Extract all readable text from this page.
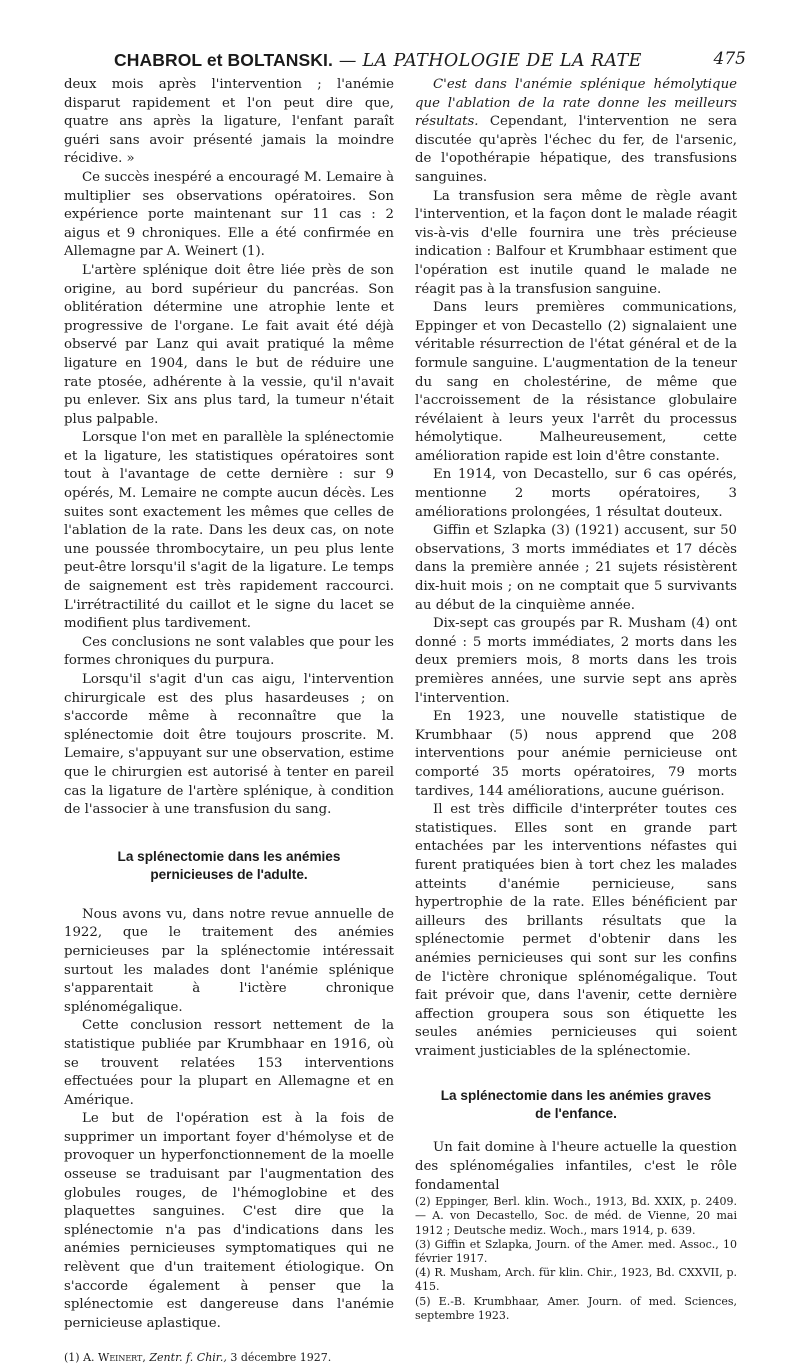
CHABROL et BOLTANSKI. — LA PATHOLOGIE DE LA RATE	475

deux mois après l'intervention ; l'anémie disparut rapidement et l'on peut dire que, quatre ans après la ligature, l'enfant paraît guéri sans avoir présenté jamais la moindre récidive. »

Ce succès inespéré a encouragé M. Lemaire à multiplier ses observations opératoires. Son expérience porte maintenant sur 11 cas : 2 aigus et 9 chroniques. Elle a été confirmée en Allemagne par A. Weinert (1).

L'artère splénique doit être liée près de son origine, au bord supérieur du pancréas. Son oblitération détermine une atrophie lente et progressive de l'organe. Le fait avait été déjà observé par Lanz qui avait pratiqué la même ligature en 1904, dans le but de réduire une rate ptosée, adhérente à la vessie, qu'il n'avait pu enlever. Six ans plus tard, la tumeur n'était plus palpable.

Lorsque l'on met en parallèle la splénectomie et la ligature, les statistiques opératoires sont tout à l'avantage de cette dernière : sur 9 opérés, M. Lemaire ne compte aucun décès. Les suites sont exactement les mêmes que celles de l'ablation de la rate. Dans les deux cas, on note une poussée thrombocytaire, un peu plus lente peut-être lorsqu'il s'agit de la ligature. Le temps de saignement est très rapidement raccourci. L'irrétractilité du caillot et le signe du lacet se modifient plus tardivement.

Ces conclusions ne sont valables que pour les formes chroniques du purpura.

Lorsqu'il s'agit d'un cas aigu, l'intervention chirurgicale est des plus hasardeuses ; on s'accorde même à reconnaître que la splénectomie doit être toujours proscrite. M. Lemaire, s'appuyant sur une observation, estime que le chirurgien est autorisé à tenter en pareil cas la ligature de l'artère splénique, à condition de l'associer à une transfusion du sang.

La splénectomie dans les anémies pernicieuses de l'adulte.

Nous avons vu, dans notre revue annuelle de 1922, que le traitement des anémies pernicieuses par la splénectomie intéressait surtout les malades dont l'anémie splénique s'apparentait à l'ictère chronique splénomégalique.

Cette conclusion ressort nettement de la statistique publiée par Krumbhaar en 1916, où se trouvent relatées 153 interventions effectuées pour la plupart en Allemagne et en Amérique.

Le but de l'opération est à la fois de supprimer un important foyer d'hémolyse et de provoquer un hyperfonctionnement de la moelle osseuse se traduisant par l'augmentation des globules rouges, de l'hémoglobine et des plaquettes sanguines. C'est dire que la splénectomie n'a pas d'indications dans les anémies pernicieuses symptomatiques qui ne relèvent que d'un traitement étiologique. On s'accorde également à penser que la splénectomie est dangereuse dans l'anémie pernicieuse aplastique.

(1) A. Weinert, Zentr. f. Chir., 3 décembre 1927.

C'est dans l'anémie splénique hémolytique que l'ablation de la rate donne les meilleurs résultats. Cependant, l'intervention ne sera discutée qu'après l'échec du fer, de l'arsenic, de l'opothérapie hépatique, des transfusions sanguines.

La transfusion sera même de règle avant l'intervention, et la façon dont le malade réagit vis-à-vis d'elle fournira une très précieuse indication : Balfour et Krumbhaar estiment que l'opération est inutile quand le malade ne réagit pas à la transfusion sanguine.

Dans leurs premières communications, Eppinger et von Decastello (2) signalaient une véritable résurrection de l'état général et de la formule sanguine. L'augmentation de la teneur du sang en cholestérine, de même que l'accroissement de la résistance globulaire révélaient à leurs yeux l'arrêt du processus hémolytique. Malheureusement, cette amélioration rapide est loin d'être constante.

En 1914, von Decastello, sur 6 cas opérés, mentionne 2 morts opératoires, 3 améliorations prolongées, 1 résultat douteux.

Giffin et Szlapka (3) (1921) accusent, sur 50 observations, 3 morts immédiates et 17 décès dans la première année ; 21 sujets résistèrent dix-huit mois ; on ne comptait que 5 survivants au début de la cinquième année.

Dix-sept cas groupés par R. Musham (4) ont donné : 5 morts immédiates, 2 morts dans les deux premiers mois, 8 morts dans les trois premières années, une survie sept ans après l'intervention.

En 1923, une nouvelle statistique de Krumbhaar (5) nous apprend que 208 interventions pour anémie pernicieuse ont comporté 35 morts opératoires, 79 morts tardives, 144 améliorations, aucune guérison.

Il est très difficile d'interpréter toutes ces statistiques. Elles sont en grande part entachées par les interventions néfastes qui furent pratiquées bien à tort chez les malades atteints d'anémie pernicieuse, sans hypertrophie de la rate. Elles bénéficient par ailleurs des brillants résultats que la splénectomie permet d'obtenir dans les anémies pernicieuses qui sont sur les confins de l'ictère chronique splénomégalique. Tout fait prévoir que, dans l'avenir, cette dernière affection groupera sous son étiquette les seules anémies pernicieuses qui soient vraiment justiciables de la splénectomie.

La splénectomie dans les anémies graves de l'enfance.

Un fait domine à l'heure actuelle la question des splénomégalies infantiles, c'est le rôle fondamental

(2) Eppinger, Berl. klin. Woch., 1913, Bd. XXIX, p. 2409. — A. von Decastello, Soc. de méd. de Vienne, 20 mai 1912 ; Deutsche mediz. Woch., mars 1914, p. 639.

(3) Giffin et Szlapka, Journ. of the Amer. med. Assoc., 10 février 1917.

(4) R. Musham, Arch. für klin. Chir., 1923, Bd. CXXVII, p. 415.

(5) E.-B. Krumbhaar, Amer. Journ. of med. Sciences, septembre 1923.
